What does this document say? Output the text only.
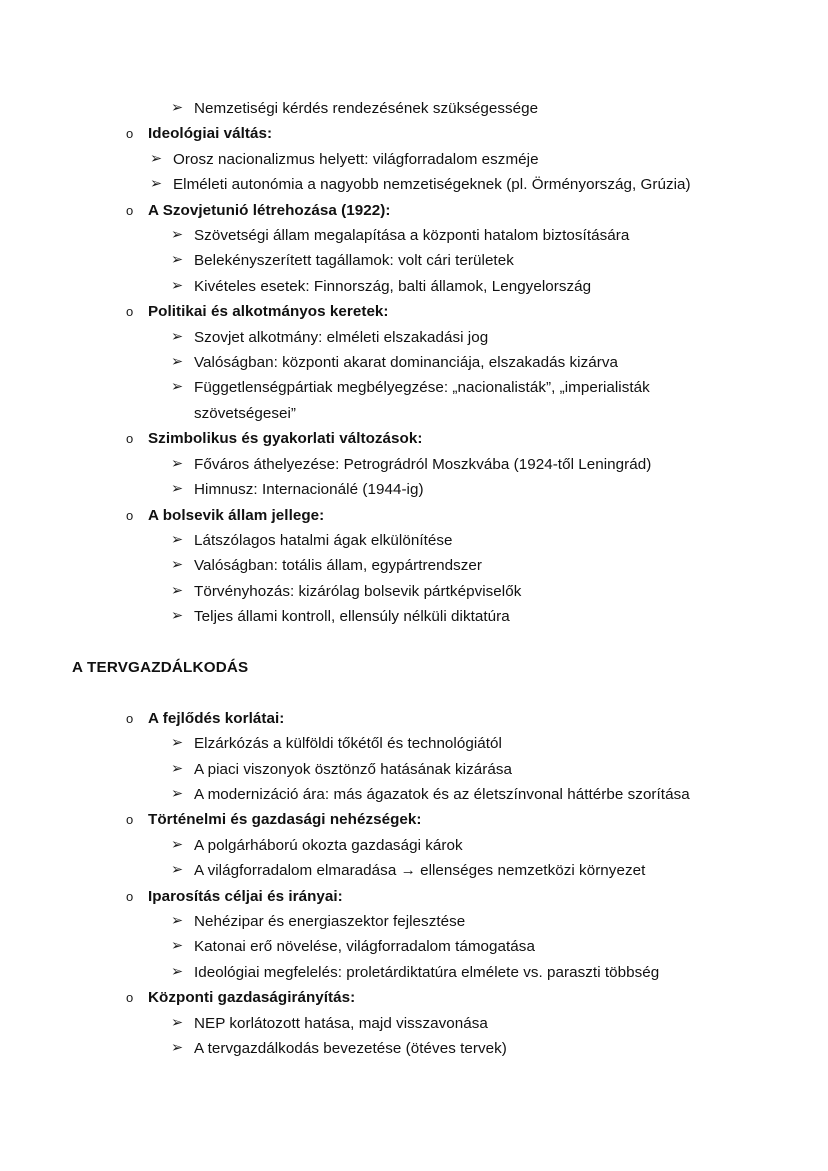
➢ Nemzetiségi kérdés rendezésének szükségessége
o Ideológiai váltás:
➢ Orosz nacionalizmus helyett: világforradalom eszméje
➢ Elméleti autonómia a nagyobb nemzetiségeknek (pl. Örményország, Grúzia)
o A Szovjetunió létrehozása (1922):
➢ Szövetségi állam megalapítása a központi hatalom biztosítására
➢ Belekényszerített tagállamok: volt cári területek
➢ Kivételes esetek: Finnország, balti államok, Lengyelország
o Politikai és alkotmányos keretek:
➢ Szovjet alkotmány: elméleti elszakadási jog
➢ Valóságban: központi akarat dominanciája, elszakadás kizárva
➢ Függetlenségpártiak megbélyegzése: „nacionalisták”, „imperialisták szövetségesei”
o Szimbolikus és gyakorlati változások:
➢ Főváros áthelyezése: Petrográdról Moszkvába (1924-től Leningrád)
➢ Himnusz: Internacionálé (1944-ig)
o A bolsevik állam jellege:
➢ Látszólagos hatalmi ágak elkülönítése
➢ Valóságban: totális állam, egypártrendszer
➢ Törvényhozás: kizárólag bolsevik pártképviselők
➢ Teljes állami kontroll, ellensúly nélküli diktatúra
A TERVGAZDÁLKODÁS
o A fejlődés korlátai:
➢ Elzárkózás a külföldi tőkétől és technológiától
➢ A piaci viszonyok ösztönző hatásának kizárása
➢ A modernizáció ára: más ágazatok és az életszínvonal háttérbe szorítása
o Történelmi és gazdasági nehézségek:
➢ A polgárháború okozta gazdasági károk
➢ A világforradalom elmaradása → ellenséges nemzetközi környezet
o Iparosítás céljai és irányai:
➢ Nehézipar és energiaszektor fejlesztése
➢ Katonai erő növelése, világforradalom támogatása
➢ Ideológiai megfelelés: proletárdiktatúra elmélete vs. paraszti többség
o Központi gazdaságirányítás:
➢ NEP korlátozott hatása, majd visszavonása
➢ A tervgazdálkodás bevezetése (ötéves tervek)
